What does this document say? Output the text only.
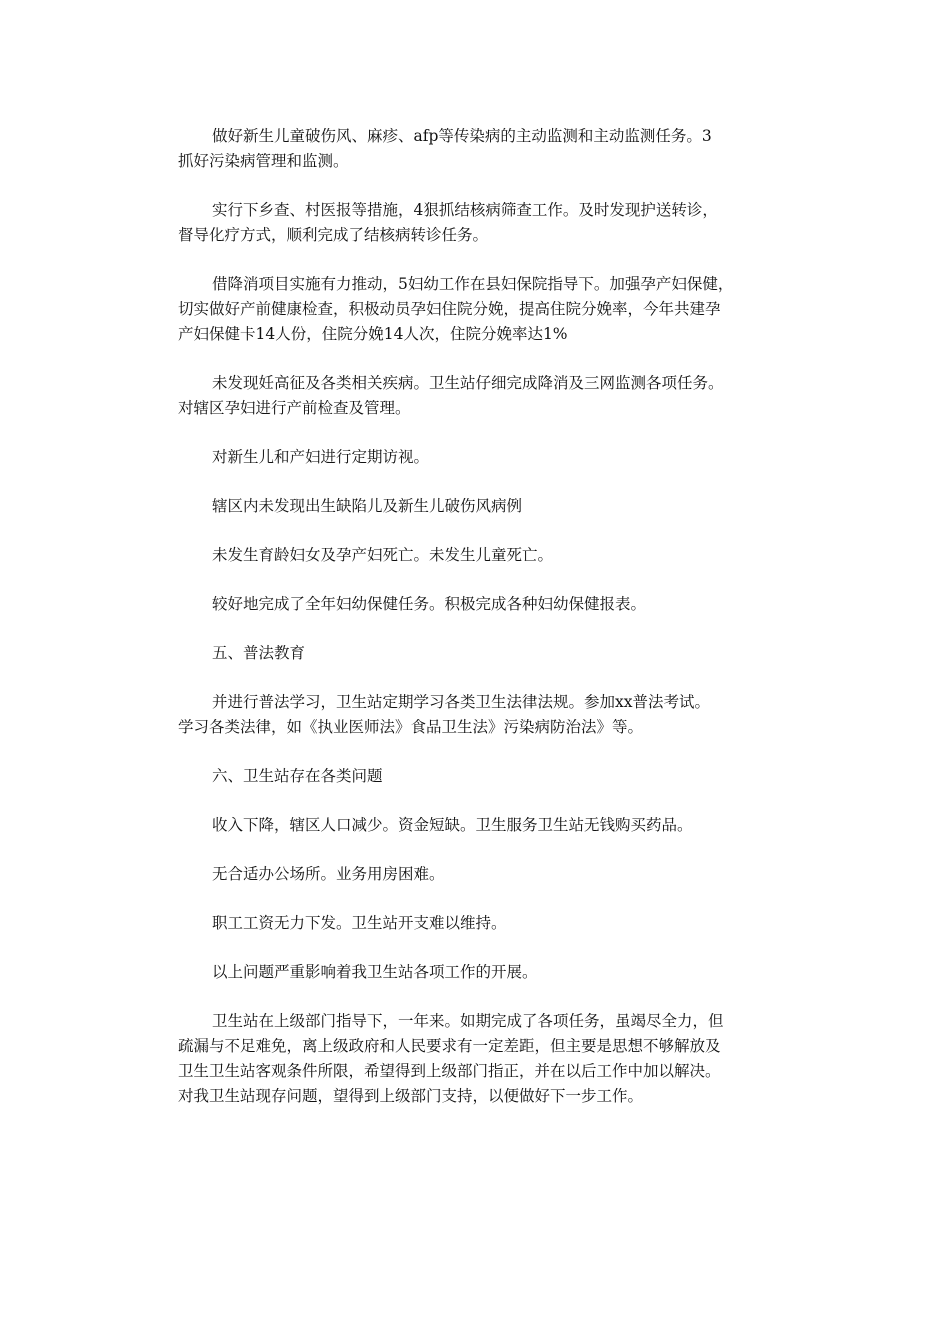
做好新生儿童破伤风、麻疹、afp等传染病的主动监测和主动监测任务。3
抓好污染病管理和监测。

实行下乡查、村医报等措施，4狠抓结核病筛查工作。及时发现护送转诊，
督导化疗方式，顺利完成了结核病转诊任务。

借降消项目实施有力推动，5妇幼工作在县妇保院指导下。加强孕产妇保健，
切实做好产前健康检查，积极动员孕妇住院分娩，提高住院分娩率，今年共建孕
产妇保健卡14人份，住院分娩14人次，住院分娩率达1%

未发现妊高征及各类相关疾病。卫生站仔细完成降消及三网监测各项任务。
对辖区孕妇进行产前检查及管理。

对新生儿和产妇进行定期访视。

辖区内未发现出生缺陷儿及新生儿破伤风病例

未发生育龄妇女及孕产妇死亡。未发生儿童死亡。

较好地完成了全年妇幼保健任务。积极完成各种妇幼保健报表。

五、普法教育

并进行普法学习，卫生站定期学习各类卫生法律法规。参加xx普法考试。
学习各类法律，如《执业医师法》食品卫生法》污染病防治法》等。

六、卫生站存在各类问题

收入下降，辖区人口减少。资金短缺。卫生服务卫生站无钱购买药品。

无合适办公场所。业务用房困难。

职工工资无力下发。卫生站开支难以维持。

以上问题严重影响着我卫生站各项工作的开展。

卫生站在上级部门指导下，一年来。如期完成了各项任务，虽竭尽全力，但
疏漏与不足难免，离上级政府和人民要求有一定差距，但主要是思想不够解放及
卫生卫生站客观条件所限，希望得到上级部门指正，并在以后工作中加以解决。
对我卫生站现存问题，望得到上级部门支持，以便做好下一步工作。
